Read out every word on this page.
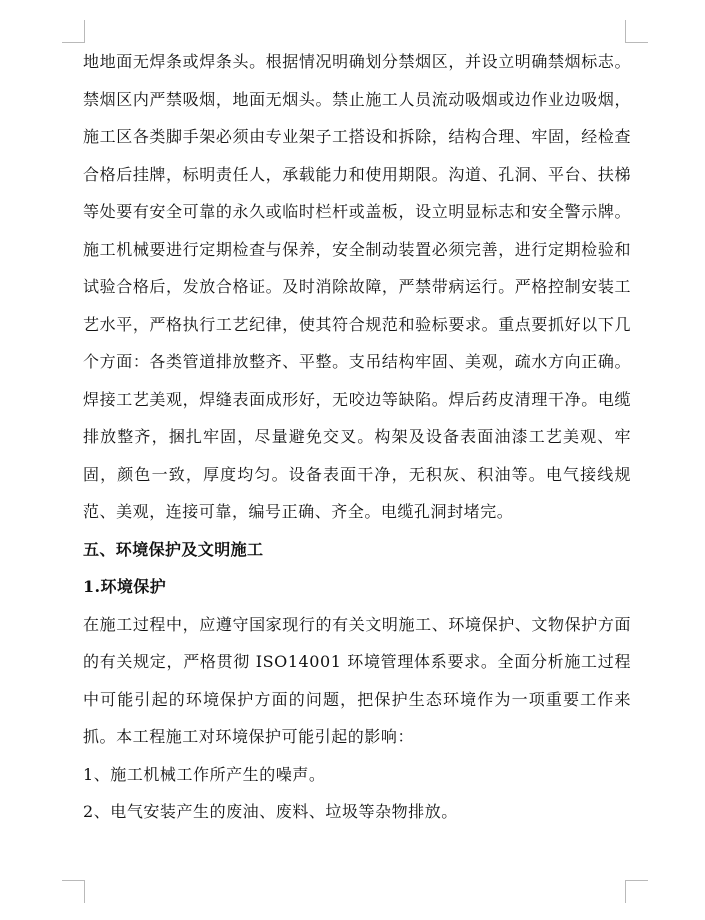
地地面无焊条或焊条头。根据情况明确划分禁烟区，并设立明确禁烟标志。禁烟区内严禁吸烟，地面无烟头。禁止施工人员流动吸烟或边作业边吸烟，施工区各类脚手架必须由专业架子工搭设和拆除，结构合理、牢固，经检查合格后挂牌，标明责任人，承载能力和使用期限。沟道、孔洞、平台、扶梯等处要有安全可靠的永久或临时栏杆或盖板，设立明显标志和安全警示牌。施工机械要进行定期检查与保养，安全制动装置必须完善，进行定期检验和试验合格后，发放合格证。及时消除故障，严禁带病运行。严格控制安装工艺水平，严格执行工艺纪律，使其符合规范和验标要求。重点要抓好以下几个方面：各类管道排放整齐、平整。支吊结构牢固、美观，疏水方向正确。焊接工艺美观，焊缝表面成形好，无咬边等缺陷。焊后药皮清理干净。电缆排放整齐，捆扎牢固，尽量避免交叉。构架及设备表面油漆工艺美观、牢固，颜色一致，厚度均匀。设备表面干净，无积灰、积油等。电气接线规范、美观，连接可靠，编号正确、齐全。电缆孔洞封堵完。

五、环境保护及文明施工

1.环境保护

在施工过程中，应遵守国家现行的有关文明施工、环境保护、文物保护方面的有关规定，严格贯彻 ISO14001 环境管理体系要求。全面分析施工过程中可能引起的环境保护方面的问题，把保护生态环境作为一项重要工作来抓。本工程施工对环境保护可能引起的影响：

1、施工机械工作所产生的噪声。

2、电气安装产生的废油、废料、垃圾等杂物排放。
